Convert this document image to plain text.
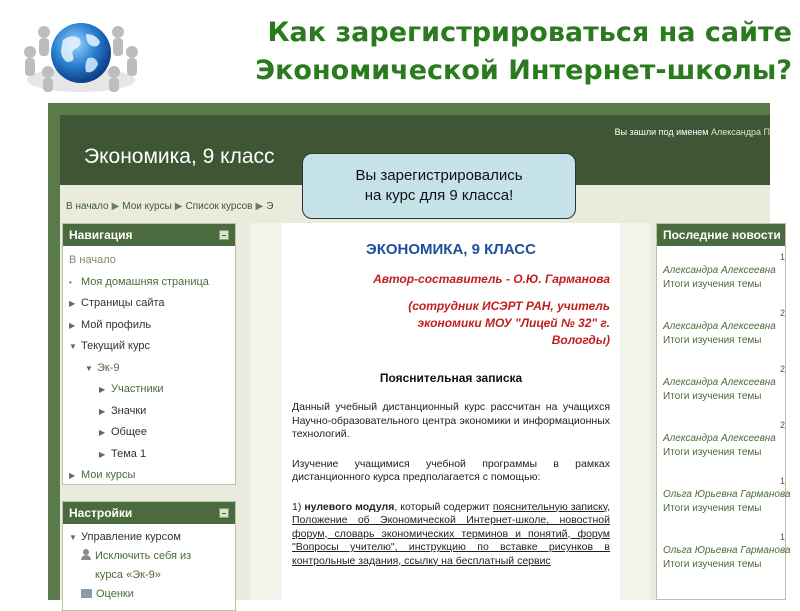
Как зарегистрироваться на сайте
Экономической Интернет-школы?
Вы зашли под именем Александра П
Экономика, 9 класс
В начало ▶ Мои курсы ▶ Список курсов ▶ Э
Навигация
В начало
• Моя домашняя страница
▶ Страницы сайта
▶ Мой профиль
▼ Текущий курс
▼ Эк-9
▶ Участники
▶ Значки
▶ Общее
▶ Тема 1
▶ Мои курсы
Настройки
▼ Управление курсом
Исключить себя из
курса «Эк-9»
Оценки
ЭКОНОМИКА, 9 КЛАСС
Автор-составитель - О.Ю. Гарманова
(сотрудник ИСЭРТ РАН, учитель
экономики МОУ "Лицей № 32" г.
Вологды)
Пояснительная записка
Данный учебный дистанционный курс рассчитан на учащихся Научно-образовательного центра экономики и информационных технологий.
Изучение учащимися учебной программы в рамках дистанционного курса предполагается с помощью:
1) нулевого модуля, который содержит пояснительную записку, Положение об Экономической Интернет-школе, новостной форум, словарь экономических терминов и понятий, форум "Вопросы учителю", инструкцию по вставке рисунков в контрольные задания, ссылку на бесплатный сервис
Последние новости
1
Александра Алексеевна
Итоги изучения темы
2
Александра Алексеевна
Итоги изучения темы
2
Александра Алексеевна
Итоги изучения темы
2
Александра Алексеевна
Итоги изучения темы
1
Ольга Юрьевна Гарманова
Итоги изучения темы
1
Ольга Юрьевна Гарманова
Итоги изучения темы
Вы зарегистрировались
на курс для 9 класса!
